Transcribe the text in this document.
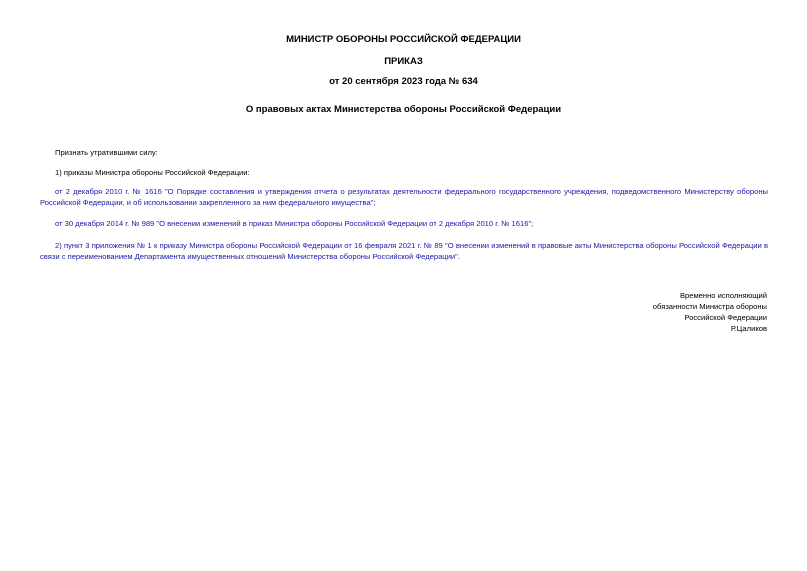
МИНИСТР ОБОРОНЫ РОССИЙСКОЙ ФЕДЕРАЦИИ
ПРИКАЗ
от 20 сентября 2023 года № 634
О правовых актах Министерства обороны Российской Федерации
Признать утратившими силу:
1) приказы Министра обороны Российской Федерации:
от 2 декабря 2010 г. № 1616 "О Порядке составления и утверждения отчета о результатах деятельности федерального государственного учреждения, подведомственного Министерству обороны Российской Федерации, и об использовании закрепленного за ним федерального имущества";
от 30 декабря 2014 г. № 989 "О внесении изменений в приказ Министра обороны Российской Федерации от 2 декабря 2010 г. № 1616";
2) пункт 3 приложения № 1 к приказу Министра обороны Российской Федерации от 16 февраля 2021 г. № 89 "О внесении изменений в правовые акты Министерства обороны Российской Федерации в связи с переименованием Департамента имущественных отношений Министерства обороны Российской Федерации".
Временно исполняющий
обязанности Министра обороны
Российской Федерации
Р.Цаликов
